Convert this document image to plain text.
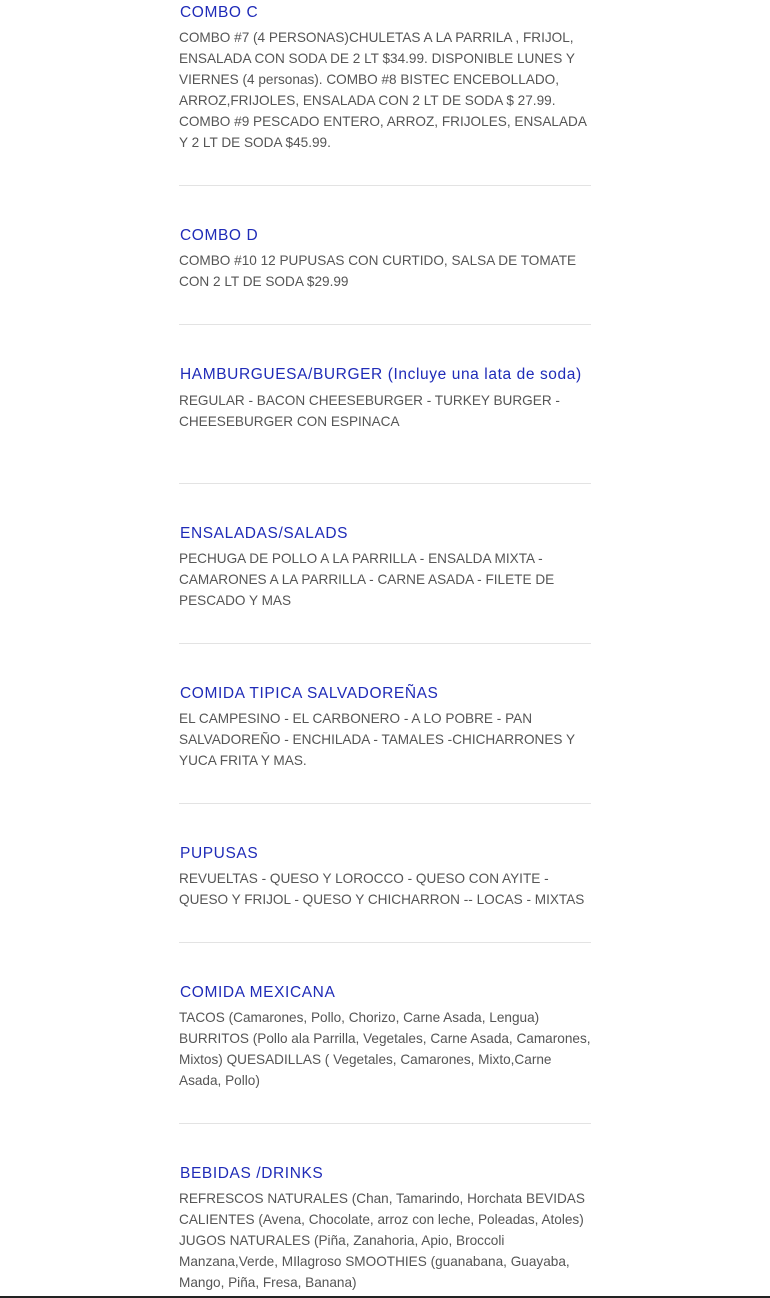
COMBO C

COMBO #7 (4 PERSONAS)CHULETAS A LA PARRILA , FRIJOL, ENSALADA CON SODA DE 2 LT $34.99. DISPONIBLE LUNES Y VIERNES (4 personas). COMBO #8 BISTEC ENCEBOLLADO, ARROZ,FRIJOLES, ENSALADA CON 2 LT DE SODA $ 27.99. COMBO #9 PESCADO ENTERO, ARROZ, FRIJOLES, ENSALADA Y 2 LT DE SODA $45.99.

COMBO D

COMBO #10 12 PUPUSAS CON CURTIDO, SALSA DE TOMATE CON 2 LT DE SODA $29.99

HAMBURGUESA/BURGER (Incluye una lata de soda)

REGULAR - BACON CHEESEBURGER - TURKEY BURGER - CHEESEBURGER CON ESPINACA

ENSALADAS/SALADS

PECHUGA DE POLLO A LA PARRILLA - ENSALDA MIXTA - CAMARONES A LA PARRILLA - CARNE ASADA - FILETE DE PESCADO Y MAS

COMIDA TIPICA SALVADOREÑAS

EL CAMPESINO - EL CARBONERO - A LO POBRE - PAN SALVADOREÑO - ENCHILADA - TAMALES -CHICHARRONES Y YUCA FRITA Y MAS.

PUPUSAS

REVUELTAS - QUESO Y LOROCCO - QUESO CON AYITE -QUESO Y FRIJOL - QUESO Y CHICHARRON -- LOCAS - MIXTAS

COMIDA MEXICANA

TACOS (Camarones, Pollo, Chorizo, Carne Asada, Lengua) BURRITOS (Pollo ala Parrilla, Vegetales, Carne Asada, Camarones, Mixtos) QUESADILLAS ( Vegetales, Camarones, Mixto,Carne Asada, Pollo)

BEBIDAS /DRINKS

REFRESCOS NATURALES (Chan, Tamarindo, Horchata BEVIDAS CALIENTES (Avena, Chocolate, arroz con leche, Poleadas, Atoles) JUGOS NATURALES (Piña, Zanahoria, Apio, Broccoli Manzana,Verde, MIlagroso SMOOTHIES (guanabana, Guayaba, Mango, Piña, Fresa, Banana)
